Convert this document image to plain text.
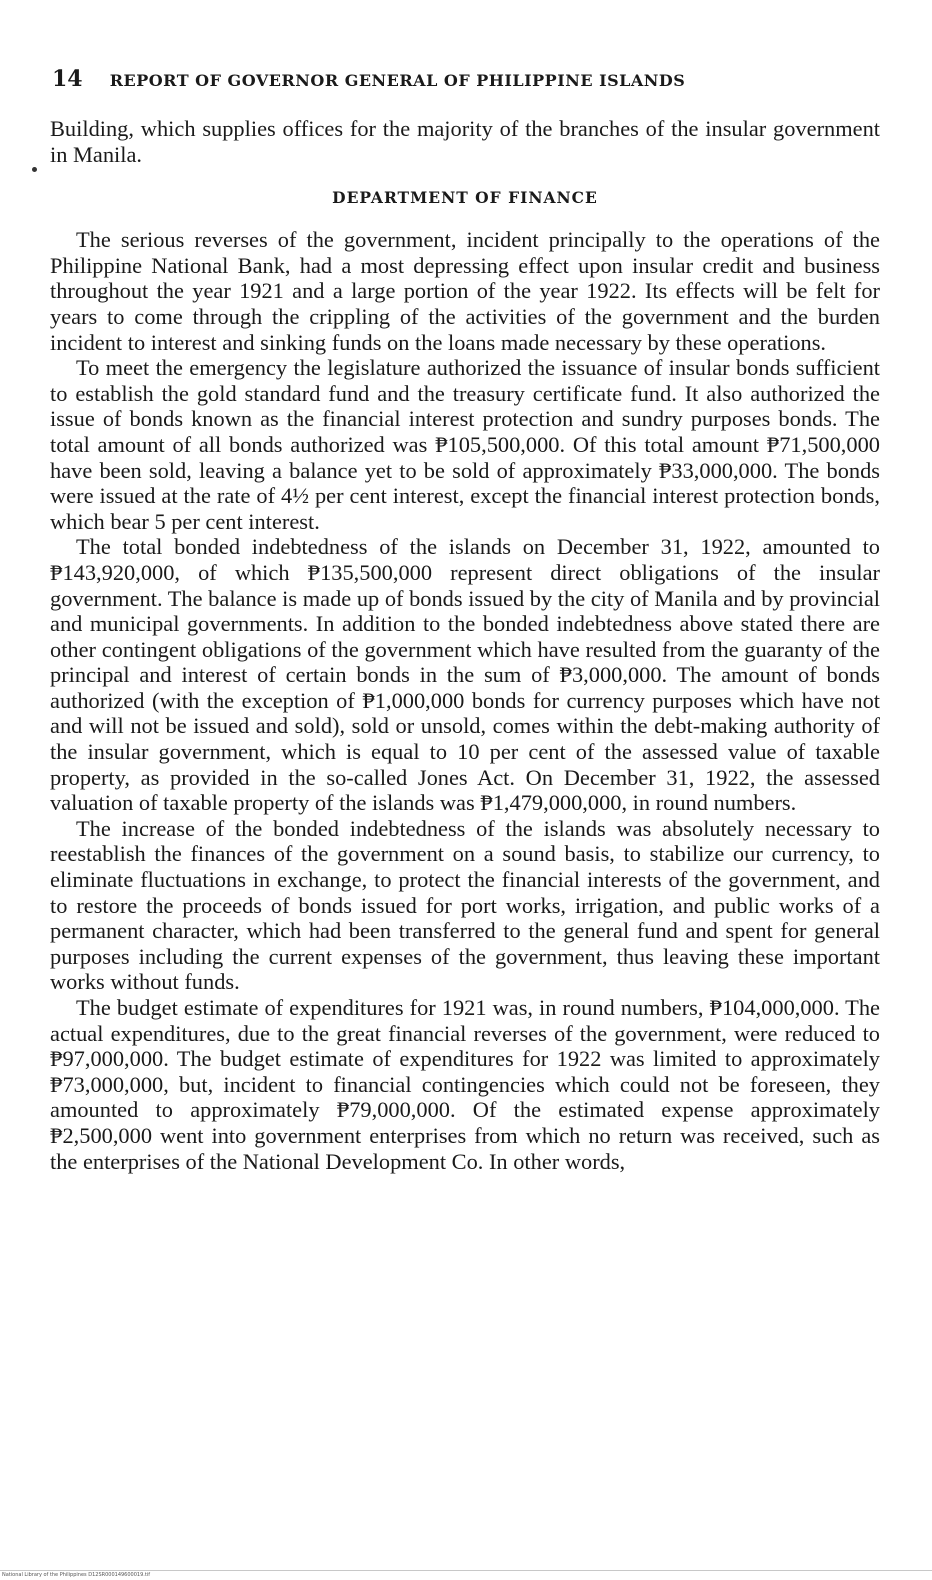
14 REPORT OF GOVERNOR GENERAL OF PHILIPPINE ISLANDS

Building, which supplies offices for the majority of the branches of the insular government in Manila.

DEPARTMENT OF FINANCE

The serious reverses of the government, incident principally to the operations of the Philippine National Bank, had a most depressing effect upon insular credit and business throughout the year 1921 and a large portion of the year 1922. Its effects will be felt for years to come through the crippling of the activities of the government and the burden incident to interest and sinking funds on the loans made necessary by these operations.

To meet the emergency the legislature authorized the issuance of insular bonds sufficient to establish the gold standard fund and the treasury certificate fund. It also authorized the issue of bonds known as the financial interest protection and sundry purposes bonds. The total amount of all bonds authorized was ₱105,500,000. Of this total amount ₱71,500,000 have been sold, leaving a balance yet to be sold of approximately ₱33,000,000. The bonds were issued at the rate of 4½ per cent interest, except the financial interest protection bonds, which bear 5 per cent interest.

The total bonded indebtedness of the islands on December 31, 1922, amounted to ₱143,920,000, of which ₱135,500,000 represent direct obligations of the insular government. The balance is made up of bonds issued by the city of Manila and by provincial and municipal governments. In addition to the bonded indebtedness above stated there are other contingent obligations of the government which have resulted from the guaranty of the principal and interest of certain bonds in the sum of ₱3,000,000. The amount of bonds authorized (with the exception of ₱1,000,000 bonds for currency purposes which have not and will not be issued and sold), sold or unsold, comes within the debt-making authority of the insular government, which is equal to 10 per cent of the assessed value of taxable property, as provided in the so-called Jones Act. On December 31, 1922, the assessed valuation of taxable property of the islands was ₱1,479,000,000, in round numbers.

The increase of the bonded indebtedness of the islands was absolutely necessary to reestablish the finances of the government on a sound basis, to stabilize our currency, to eliminate fluctuations in exchange, to protect the financial interests of the government, and to restore the proceeds of bonds issued for port works, irrigation, and public works of a permanent character, which had been transferred to the general fund and spent for general purposes including the current expenses of the government, thus leaving these important works without funds.

The budget estimate of expenditures for 1921 was, in round numbers, ₱104,000,000. The actual expenditures, due to the great financial reverses of the government, were reduced to ₱97,000,000. The budget estimate of expenditures for 1922 was limited to approximately ₱73,000,000, but, incident to financial contingencies which could not be foreseen, they amounted to approximately ₱79,000,000. Of the estimated expense approximately ₱2,500,000 went into government enterprises from which no return was received, such as the enterprises of the National Development Co. In other words,

National Library of the Philippines D12SR000149600019.tif
